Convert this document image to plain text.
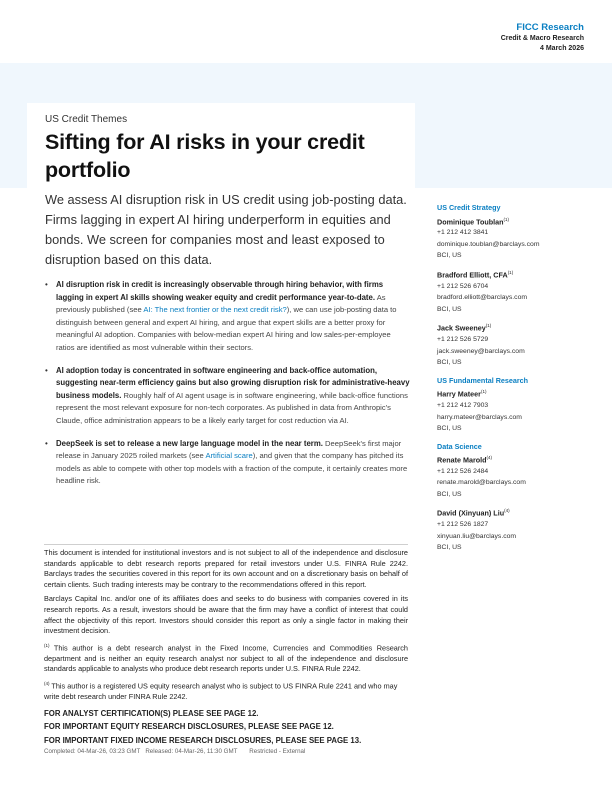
FICC Research
Credit & Macro Research
4 March 2026
US Credit Themes
Sifting for AI risks in your credit portfolio
We assess AI disruption risk in US credit using job-posting data. Firms lagging in expert AI hiring underperform in equities and bonds. We screen for companies most and least exposed to disruption based on this data.
• AI disruption risk in credit is increasingly observable through hiring behavior, with firms lagging in expert AI skills showing weaker equity and credit performance year-to-date. As previously published (see AI: The next frontier or the next credit risk?), we can use job-posting data to distinguish between general and expert AI hiring, and argue that expert skills are a better proxy for meaningful AI adoption. Companies with below-median expert AI hiring and low sales-per-employee ratios are identified as most vulnerable within their sectors.
• AI adoption today is concentrated in software engineering and back-office automation, suggesting near-term efficiency gains but also growing disruption risk for administrative-heavy business models. Roughly half of AI agent usage is in software engineering, while back-office functions represent the most relevant exposure for non-tech corporates. As published in data from Anthropic's Claude, office administration appears to be a likely early target for cost reduction via AI.
• DeepSeek is set to release a new large language model in the near term. DeepSeek's first major release in January 2025 roiled markets (see Artificial scare), and given that the company has pitched its models as able to compete with other top models with a fraction of the compute, it certainly creates more headline risk.
US Credit Strategy
Dominique Toublan$^{(1)}$
+1 212 412 3841
dominique.toublan@barclays.com
BCI, US
Bradford Elliott, $CFA^{(1)}$
+1 212 526 6704
bradford.elliott@barclays.com
BCI, US
Jack Sweeney$^{(1)}$
+1 212 526 5729
jack.sweeney@barclays.com
BCI, US
US Fundamental Research
Harry Mateer$^{(1)}$
+1 212 412 7903
harry.mateer@barclays.com
BCI, US
Data Science
Renate Marold$^{(4)}$
+1 212 526 2484
renate.marold@barclays.com
BCI, US
David (Xinyuan) Liu$^{(4)}$
+1 212 526 1827
xinyuan.liu@barclays.com
BCI, US

This document is intended for institutional investors and is not subject to all of the independence and disclosure standards applicable to debt research reports prepared for retail investors under U.S. FINRA Rule 2242. Barclays trades the securities covered in this report for its own account and on a discretionary basis on behalf of certain clients. Such trading interests may be contrary to the recommendations offered in this report.

Barclays Capital Inc. and/or one of its affiliates does and seeks to do business with companies covered in its research reports. As a result, investors should be aware that the firm may have a conflict of interest that could affect the objectivity of this report. Investors should consider this report as only a single factor in making their investment decision.

$^{(1)}$ This author is a debt research analyst in the Fixed Income, Currencies and Commodities Research department and is neither an equity research analyst nor subject to all of the independence and disclosure standards applicable to analysts who produce debt research reports under U.S. FINRA Rule 2242.

$^{(4)}$ This author is a registered US equity research analyst who is subject to US FINRA Rule 2241 and who may write debt research under FINRA Rule 2242.

FOR ANALYST CERTIFICATION(S) PLEASE SEE PAGE 12.
FOR IMPORTANT EQUITY RESEARCH DISCLOSURES, PLEASE SEE PAGE 12.
FOR IMPORTANT FIXED INCOME RESEARCH DISCLOSURES, PLEASE SEE PAGE 13.
Completed: 04-Mar-26, 03:23 GMT   Released: 04-Mar-26, 11:30 GMT       Restricted - External
